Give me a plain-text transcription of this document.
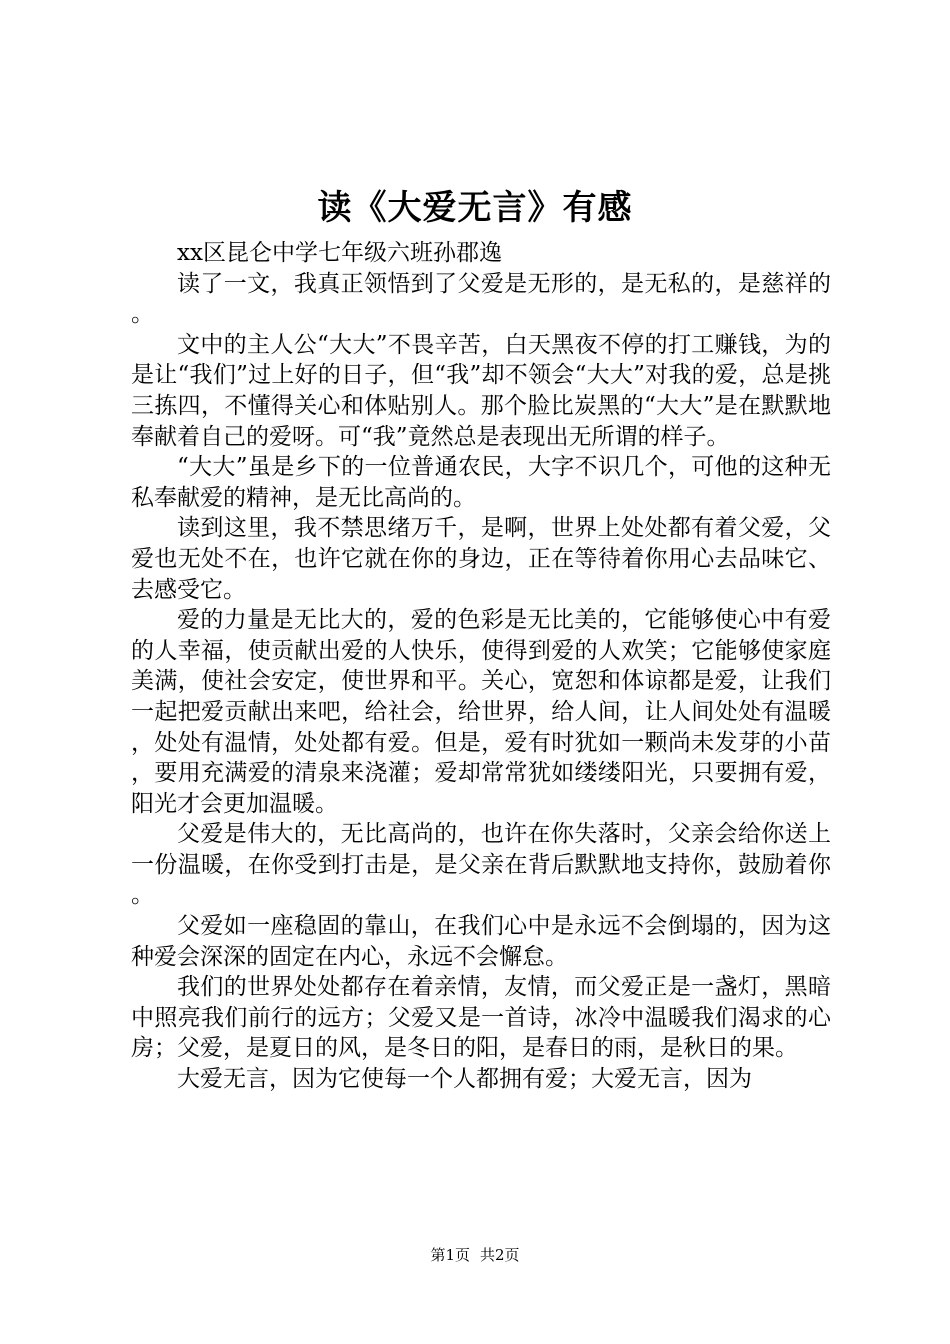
读《大爱无言》有感

xx区昆仑中学七年级六班孙郡逸

读了一文，我真正领悟到了父爱是无形的，是无私的，是慈祥的。

文中的主人公“大大”不畏辛苦，白天黑夜不停的打工赚钱，为的是让“我们”过上好的日子，但“我”却不领会“大大”对我的爱，总是挑三拣四，不懂得关心和体贴别人。那个脸比炭黑的“大大”是在默默地奉献着自己的爱呀。可“我”竟然总是表现出无所谓的样子。

“大大”虽是乡下的一位普通农民，大字不识几个，可他的这种无私奉献爱的精神，是无比高尚的。

读到这里，我不禁思绪万千，是啊，世界上处处都有着父爱，父爱也无处不在，也许它就在你的身边，正在等待着你用心去品味它、去感受它。

爱的力量是无比大的，爱的色彩是无比美的，它能够使心中有爱的人幸福，使贡献出爱的人快乐，使得到爱的人欢笑；它能够使家庭美满，使社会安定，使世界和平。关心，宽恕和体谅都是爱，让我们一起把爱贡献出来吧，给社会，给世界，给人间，让人间处处有温暖，处处有温情，处处都有爱。但是，爱有时犹如一颗尚未发芽的小苗，要用充满爱的清泉来浇灌；爱却常常犹如缕缕阳光，只要拥有爱，阳光才会更加温暖。

父爱是伟大的，无比高尚的，也许在你失落时，父亲会给你送上一份温暖，在你受到打击是，是父亲在背后默默地支持你，鼓励着你。

父爱如一座稳固的靠山，在我们心中是永远不会倒塌的，因为这种爱会深深的固定在内心，永远不会懈怠。

我们的世界处处都存在着亲情，友情，而父爱正是一盏灯，黑暗中照亮我们前行的远方；父爱又是一首诗，冰冷中温暖我们渴求的心房；父爱，是夏日的风，是冬日的阳，是春日的雨，是秋日的果。

大爱无言，因为它使每一个人都拥有爱；大爱无言，因为

第1页 共2页
